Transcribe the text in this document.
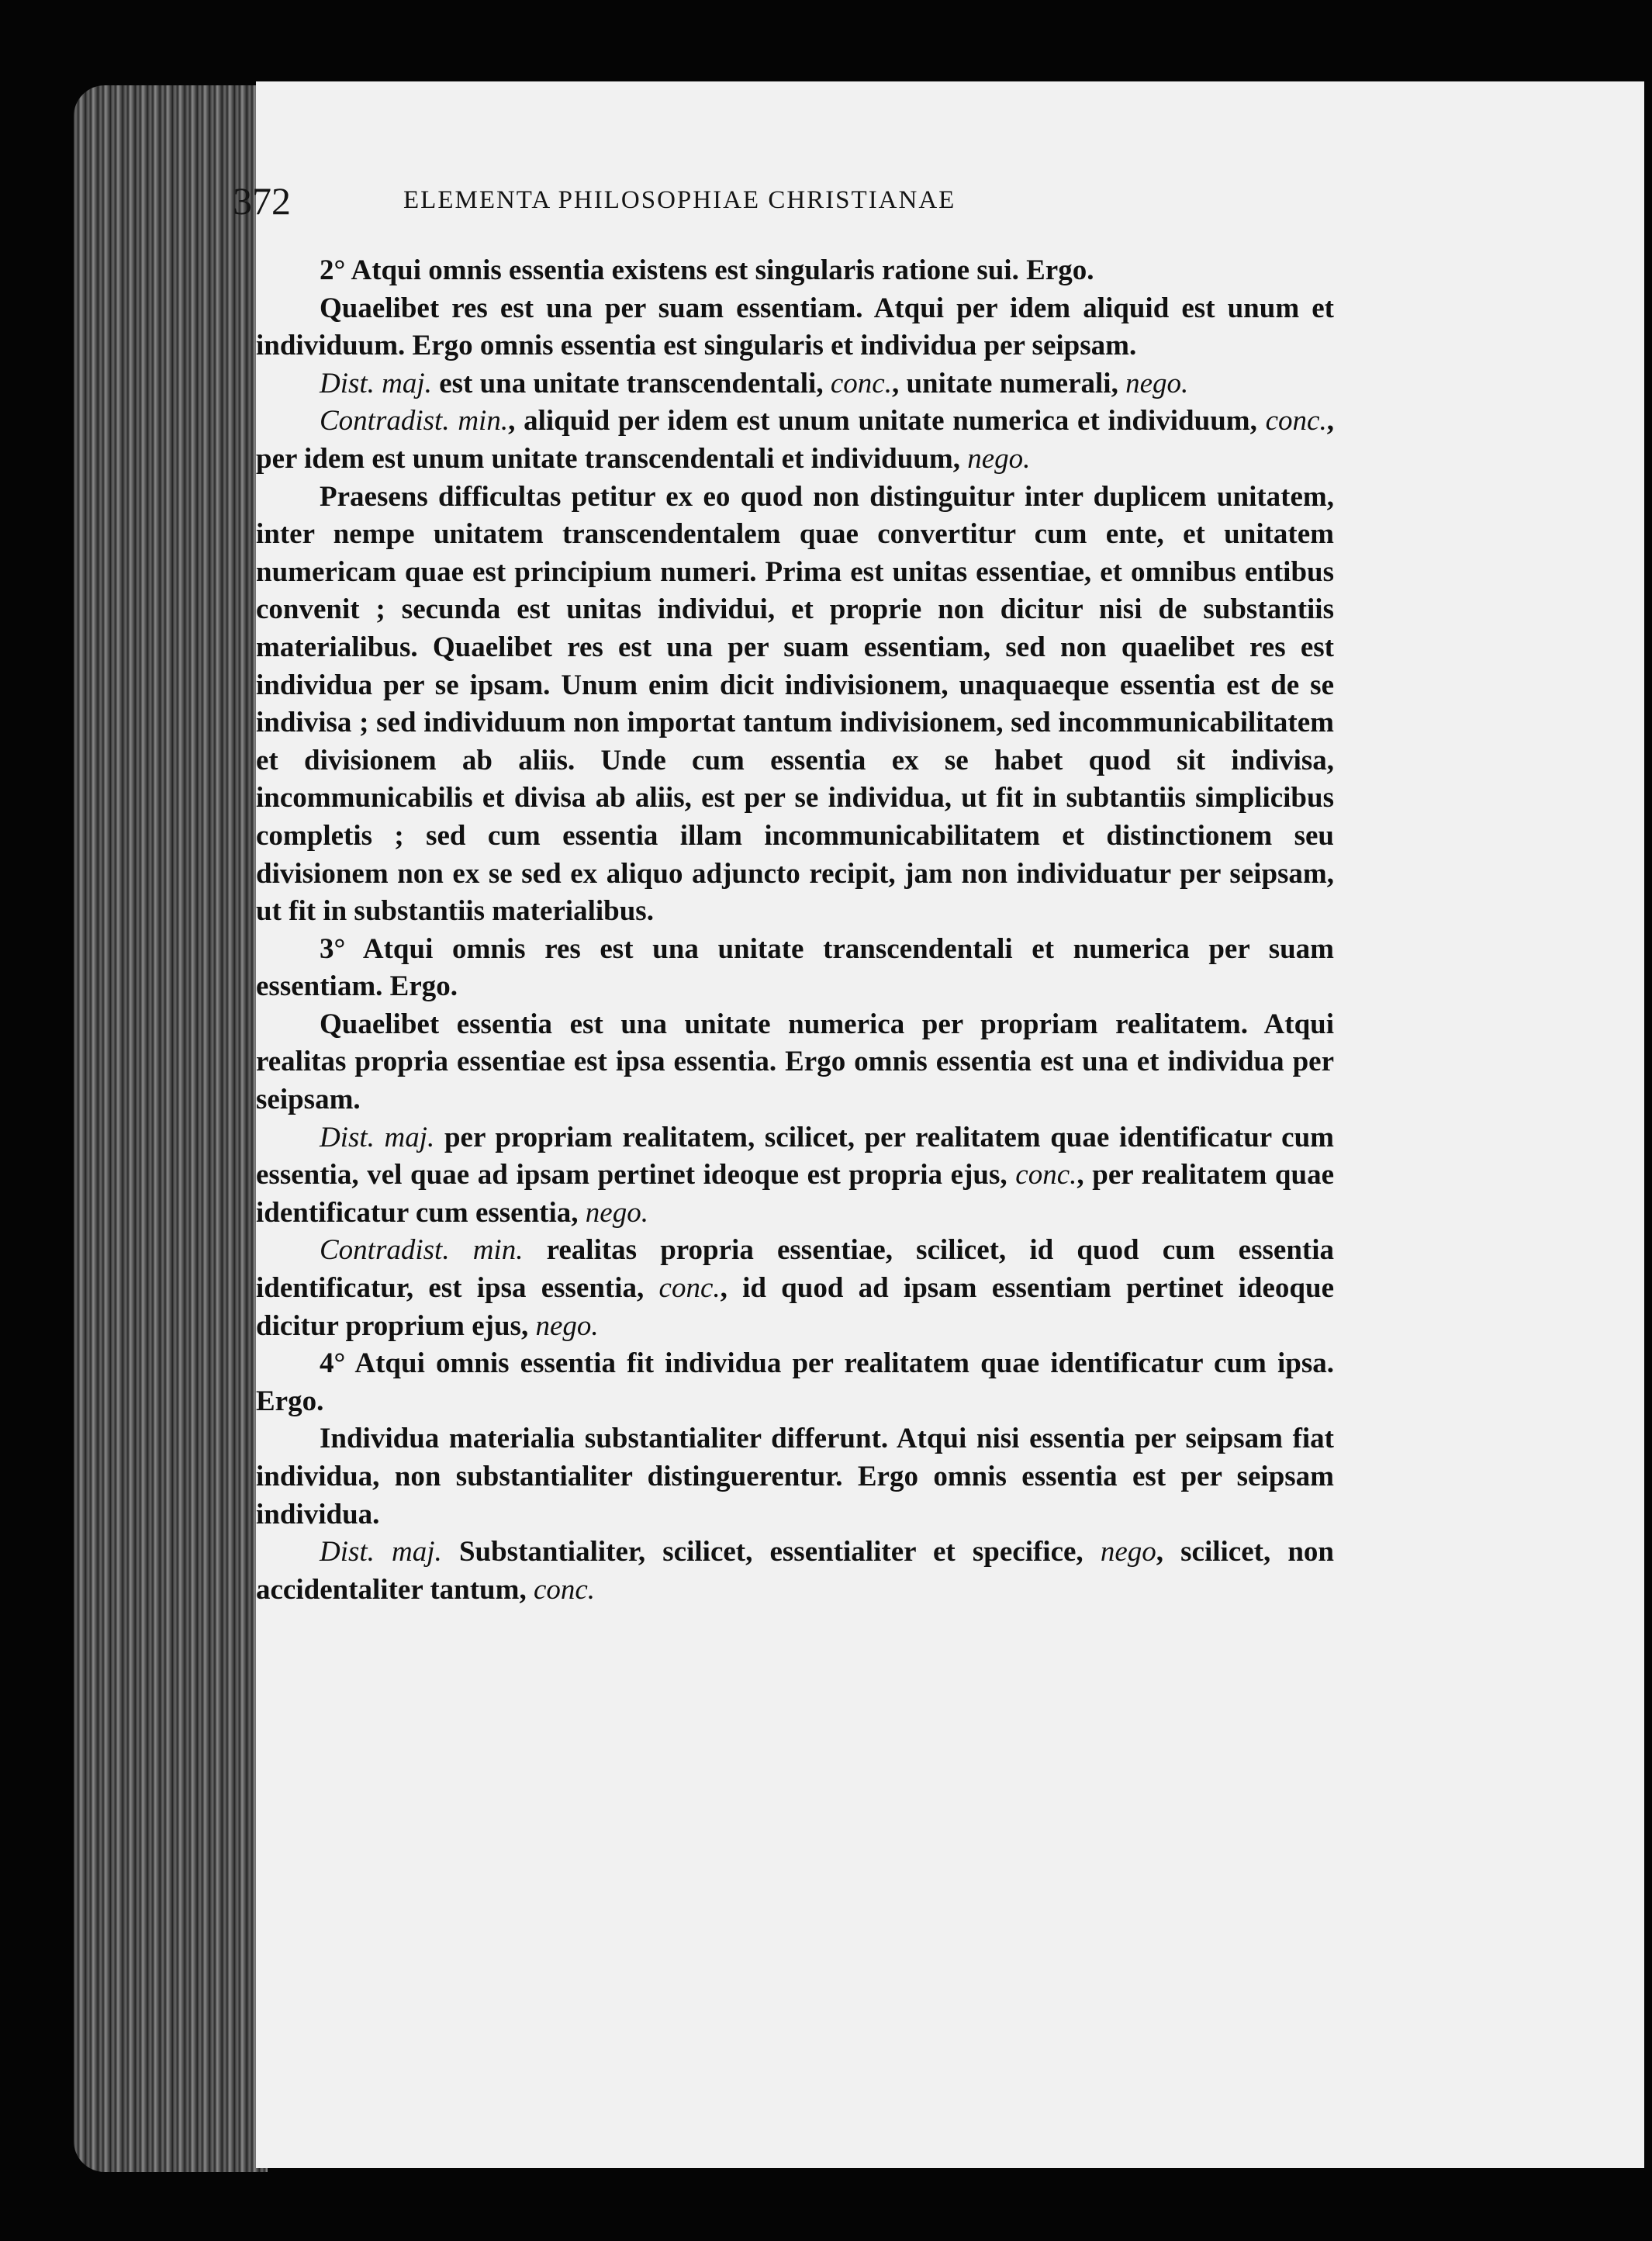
372	ELEMENTA PHILOSOPHIAE CHRISTIANAE

2° Atqui omnis essentia existens est singularis ratione sui. Ergo.

Quaelibet res est una per suam essentiam. Atqui per idem aliquid est unum et individuum. Ergo omnis essentia est singularis et individua per seipsam.

Dist. maj. est una unitate transcendentali, conc., unitate numerali, nego.

Contradist. min., aliquid per idem est unum unitate numerica et individuum, conc., per idem est unum unitate transcendentali et individuum, nego.

Praesens difficultas petitur ex eo quod non distinguitur inter duplicem unitatem, inter nempe unitatem transcendentalem quae convertitur cum ente, et unitatem numericam quae est principium numeri. Prima est unitas essentiae, et omnibus entibus convenit ; secunda est unitas individui, et proprie non dicitur nisi de substantiis materialibus. Quaelibet res est una per suam essentiam, sed non quaelibet res est individua per se ipsam. Unum enim dicit indivisionem, unaquaeque essentia est de se indivisa ; sed individuum non importat tantum indivisionem, sed incommunicabilitatem et divisionem ab aliis. Unde cum essentia ex se habet quod sit indivisa, incommunicabilis et divisa ab aliis, est per se individua, ut fit in subtantiis simplicibus completis ; sed cum essentia illam incommunicabilitatem et distinctionem seu divisionem non ex se sed ex aliquo adjuncto recipit, jam non individuatur per seipsam, ut fit in substantiis materialibus.

3° Atqui omnis res est una unitate transcendentali et numerica per suam essentiam. Ergo.

Quaelibet essentia est una unitate numerica per propriam realitatem. Atqui realitas propria essentiae est ipsa essentia. Ergo omnis essentia est una et individua per seipsam.

Dist. maj. per propriam realitatem, scilicet, per realitatem quae identificatur cum essentia, vel quae ad ipsam pertinet ideoque est propria ejus, conc., per realitatem quae identificatur cum essentia, nego.

Contradist. min. realitas propria essentiae, scilicet, id quod cum essentia identificatur, est ipsa essentia, conc., id quod ad ipsam essentiam pertinet ideoque dicitur proprium ejus, nego.

4° Atqui omnis essentia fit individua per realitatem quae identificatur cum ipsa. Ergo.

Individua materialia substantialiter differunt. Atqui nisi essentia per seipsam fiat individua, non substantialiter distinguerentur. Ergo omnis essentia est per seipsam individua.

Dist. maj. Substantialiter, scilicet, essentialiter et specifice, nego, scilicet, non accidentaliter tantum, conc.
